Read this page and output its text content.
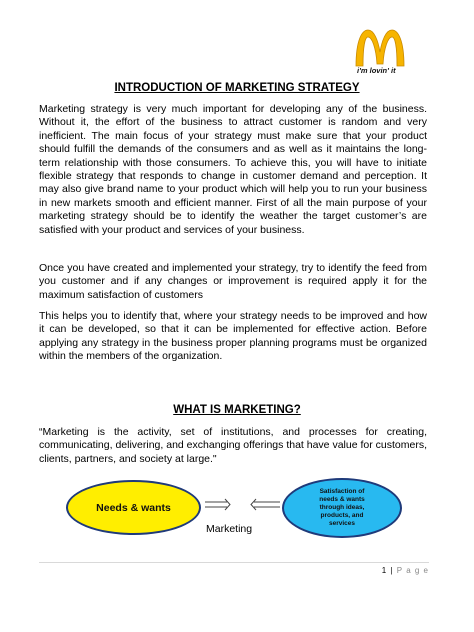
i'm lovin' it
INTRODUCTION OF MARKETING STRATEGY

Marketing strategy is very much important for developing any of the business. Without it, the effort of the business to attract customer is random and very inefficient. The main focus of your strategy must make sure that your product should fulfill the demands of the consumers and as well as it maintains the long-term relationship with those consumers. To achieve this, you will have to initiate flexible strategy that responds to change in customer demand and perception. It may also give brand name to your product which will help you to run your business in new markets smooth and efficient manner. First of all the main purpose of your marketing strategy should be to identify the weather the target customer’s are satisfied with your product and services of your business.

Once you have created and implemented your strategy, try to identify the feed from you customer and if any changes or improvement is required apply it for the maximum satisfaction of customers

This helps you to identify that, where your strategy needs to be improved and how it can be developed, so that it can be implemented for effective action. Before applying any strategy in the business proper planning programs must be organized within the members of the organization.

WHAT IS MARKETING?

“Marketing is the activity, set of institutions, and processes for creating, communicating, delivering, and exchanging offerings that have value for customers, clients, partners, and society at large."

Needs & wants
Satisfaction of needs & wants through ideas, products, and services
Marketing
1 | P a g e
